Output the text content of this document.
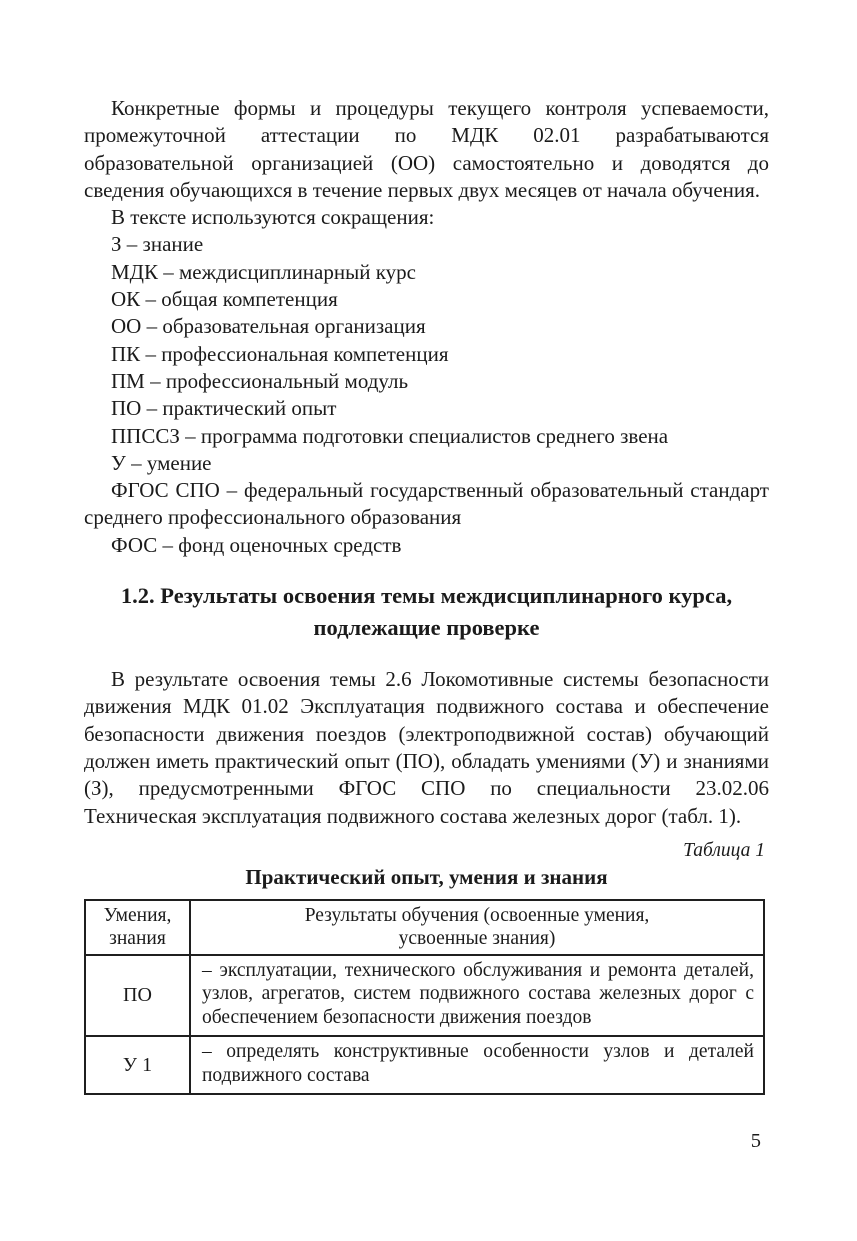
Конкретные формы и процедуры текущего контроля успеваемости, промежуточной аттестации по МДК 02.01 разрабатываются образовательной организацией (ОО) самостоятельно и доводятся до сведения обучающихся в течение первых двух месяцев от начала обучения.

В тексте используются сокращения:

З – знание

МДК – междисциплинарный курс

ОК – общая компетенция

ОО – образовательная организация

ПК – профессиональная компетенция

ПМ – профессиональный модуль

ПО – практический опыт

ППССЗ – программа подготовки специалистов среднего звена

У – умение

ФГОС СПО – федеральный государственный образовательный стандарт среднего профессионального образования

ФОС – фонд оценочных средств

1.2. Результаты освоения темы междисциплинарного курса, подлежащие проверке

В результате освоения темы 2.6 Локомотивные системы безопасности движения МДК 01.02 Эксплуатация подвижного состава и обеспечение безопасности движения поездов (электроподвижной состав) обучающий должен иметь практический опыт (ПО), обладать умениями (У) и знаниями (З), предусмотренными ФГОС СПО по специальности 23.02.06 Техническая эксплуатация подвижного состава железных дорог (табл. 1).

Таблица 1
Практический опыт, умения и знания
Умения, знания	Результаты обучения (освоенные умения, усвоенные знания)

ПО	– эксплуатации, технического обслуживания и ремонта деталей, узлов, агрегатов, систем подвижного состава железных дорог с обеспечением безопасности движения поездов
У 1	– определять конструктивные особенности узлов и деталей подвижного состава
5
